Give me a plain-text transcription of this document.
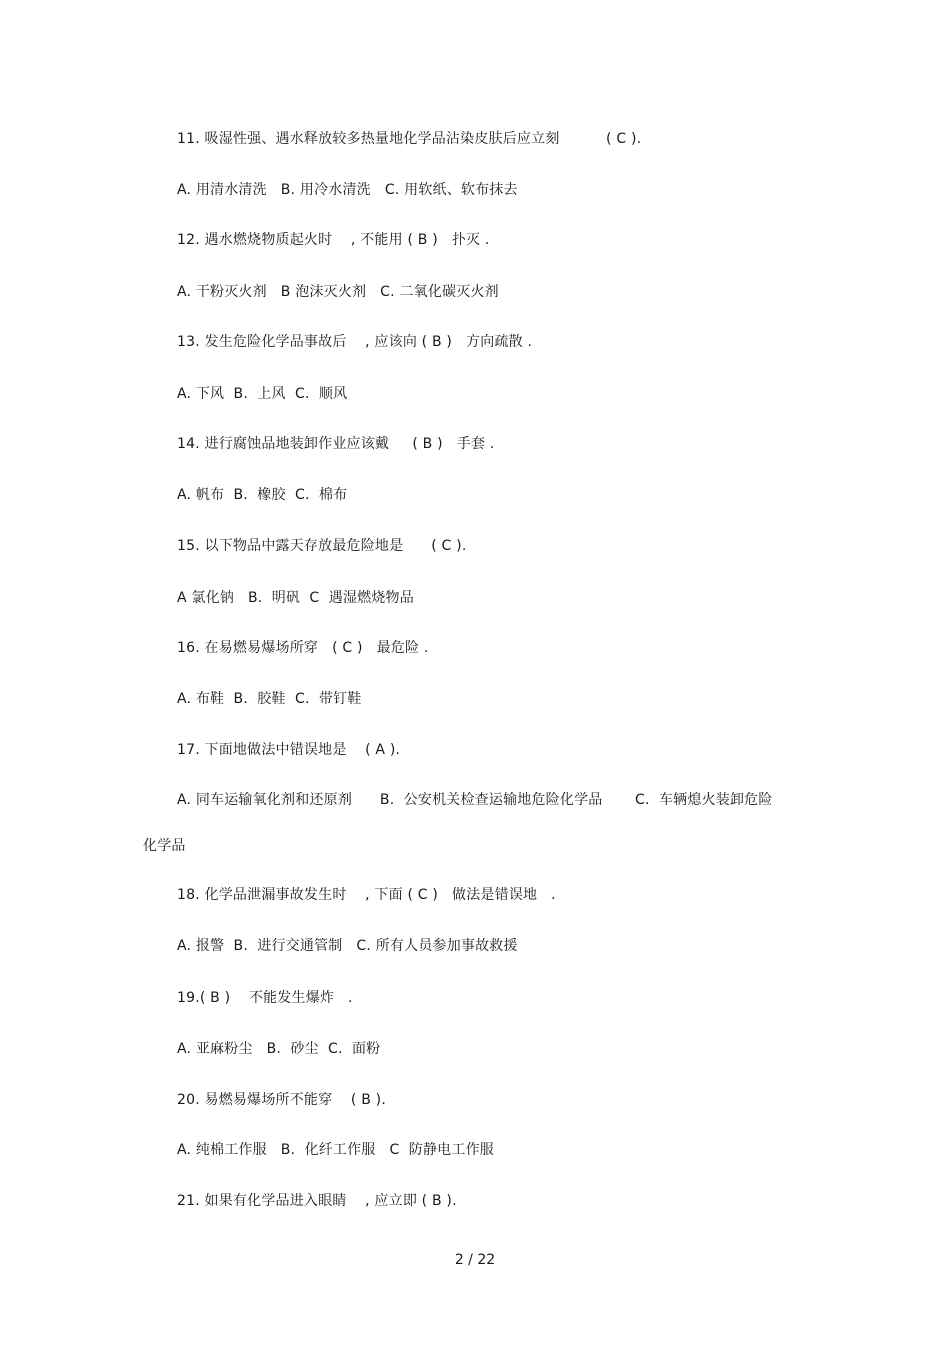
11. 吸湿性强、遇水释放较多热量地化学品沾染皮肤后应立刻          ( C ).
A. 用清水清洗   B. 用冷水清洗   C. 用软纸、软布抹去
12. 遇水燃烧物质起火时    , 不能用 ( B )   扑灭 .
A. 干粉灭火剂   B 泡沫灭火剂   C. 二氧化碳灭火剂
13. 发生危险化学品事故后    , 应该向 ( B )   方向疏散 .
A. 下风  B.  上风  C.  顺风
14. 进行腐蚀品地装卸作业应该戴     ( B )   手套 .
A. 帆布  B.  橡胶  C.  棉布
15. 以下物品中露天存放最危险地是      ( C ).
A 氯化钠   B.  明矾  C  遇湿燃烧物品
16. 在易燃易爆场所穿   ( C )   最危险 .
A. 布鞋  B.  胶鞋  C.  带钉鞋
17. 下面地做法中错误地是    ( A ).
A. 同车运输氧化剂和还原剂      B.  公安机关检查运输地危险化学品       C.  车辆熄火装卸危险
化学品
18. 化学品泄漏事故发生时    , 下面 ( C )   做法是错误地   .
A. 报警  B.  进行交通管制   C. 所有人员参加事故救援
19.( B )    不能发生爆炸   .
A. 亚麻粉尘   B.  砂尘  C.  面粉
20. 易燃易爆场所不能穿    ( B ).
A. 纯棉工作服   B.  化纤工作服   C  防静电工作服
21. 如果有化学品进入眼睛    , 应立即 ( B ).
2 / 22
